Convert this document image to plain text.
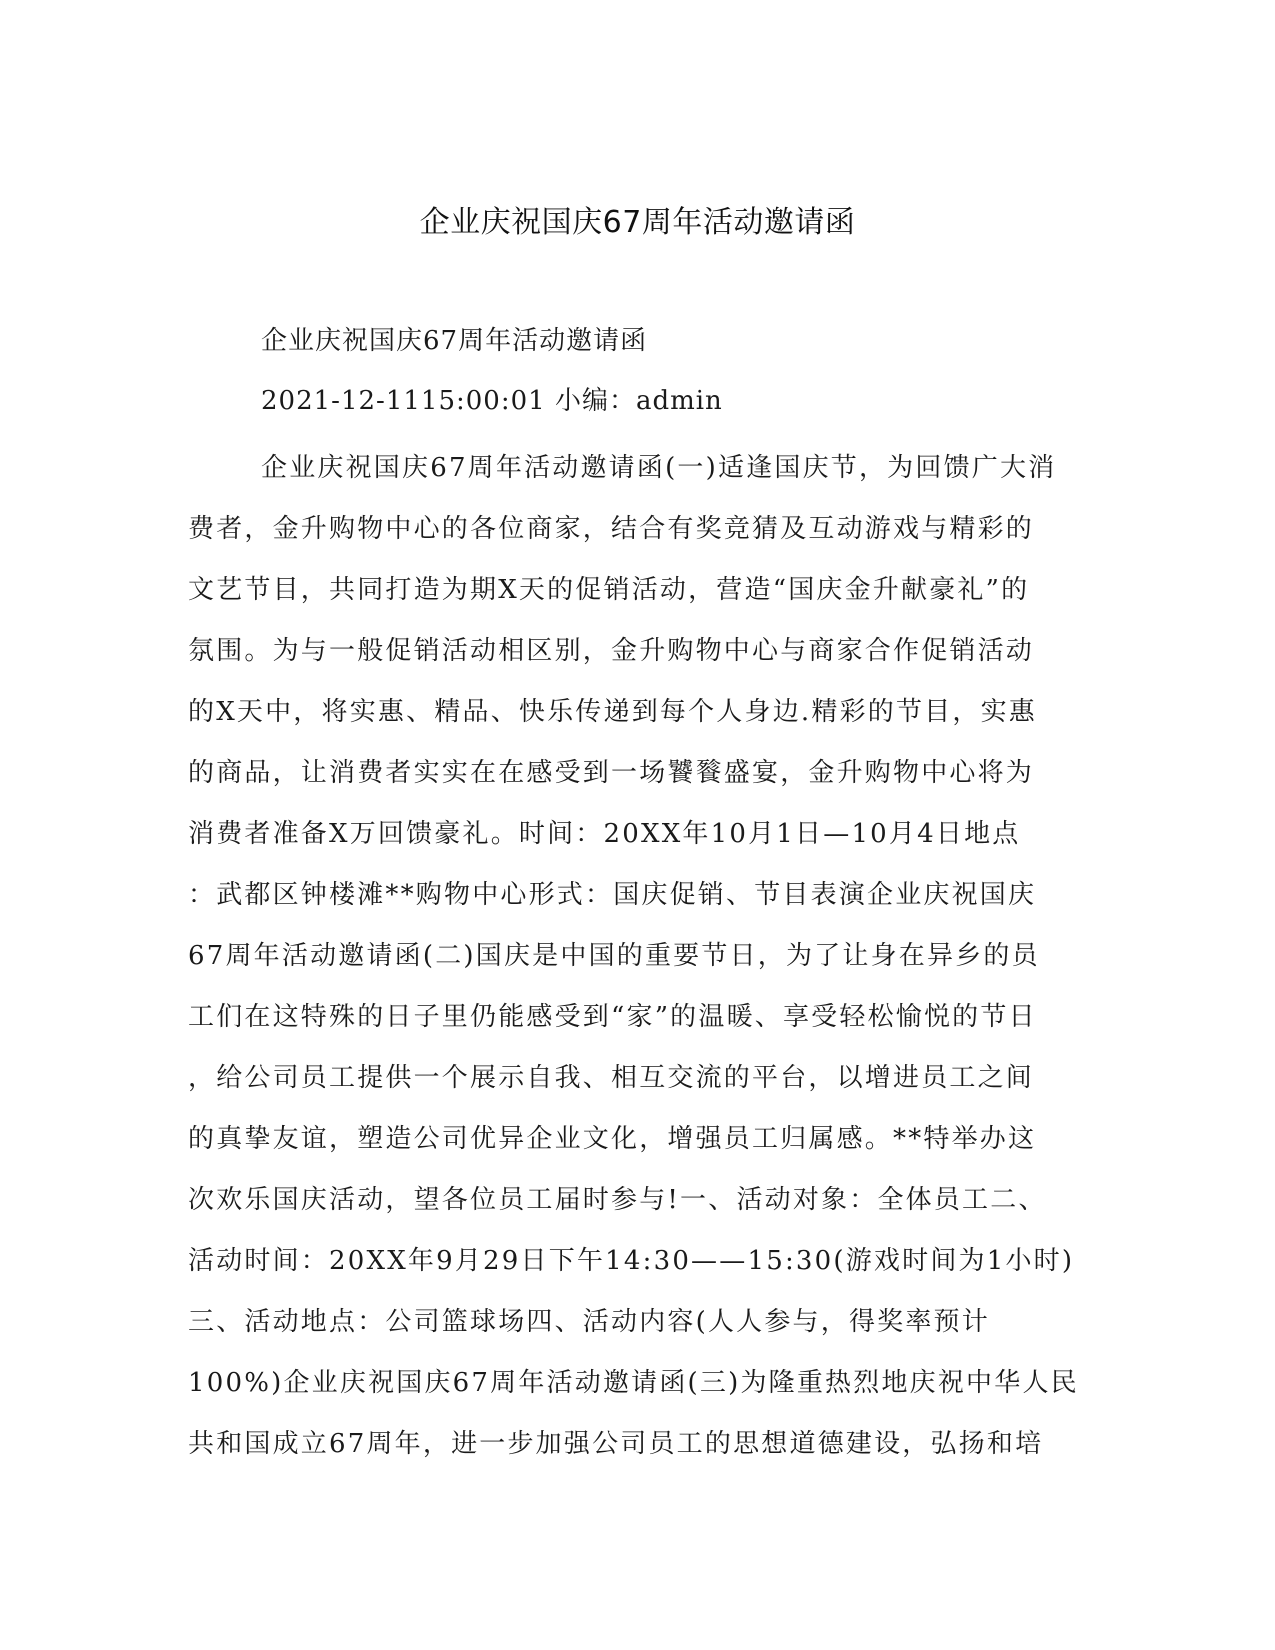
企业庆祝国庆67周年活动邀请函
企业庆祝国庆67周年活动邀请函
2021-12-1115:00:01 小编：admin
企业庆祝国庆67周年活动邀请函(一)适逢国庆节，为回馈广大消
费者，金升购物中心的各位商家，结合有奖竞猜及互动游戏与精彩的
文艺节目，共同打造为期X天的促销活动，营造“国庆金升献豪礼”的
氛围。为与一般促销活动相区别，金升购物中心与商家合作促销活动
的X天中，将实惠、精品、快乐传递到每个人身边.精彩的节目，实惠
的商品，让消费者实实在在感受到一场饕餮盛宴，金升购物中心将为
消费者准备X万回馈豪礼。时间：20XX年10月1日—10月4日地点
：武都区钟楼滩**购物中心形式：国庆促销、节目表演企业庆祝国庆
67周年活动邀请函(二)国庆是中国的重要节日，为了让身在异乡的员
工们在这特殊的日子里仍能感受到“家”的温暖、享受轻松愉悦的节日
，给公司员工提供一个展示自我、相互交流的平台，以增进员工之间
的真挚友谊，塑造公司优异企业文化，增强员工归属感。**特举办这
次欢乐国庆活动，望各位员工届时参与!一、活动对象：全体员工二、
活动时间：20XX年9月29日下午14:30——15:30(游戏时间为1小时)
三、活动地点：公司篮球场四、活动内容(人人参与，得奖率预计
100%)企业庆祝国庆67周年活动邀请函(三)为隆重热烈地庆祝中华人民
共和国成立67周年，进一步加强公司员工的思想道德建设，弘扬和培
